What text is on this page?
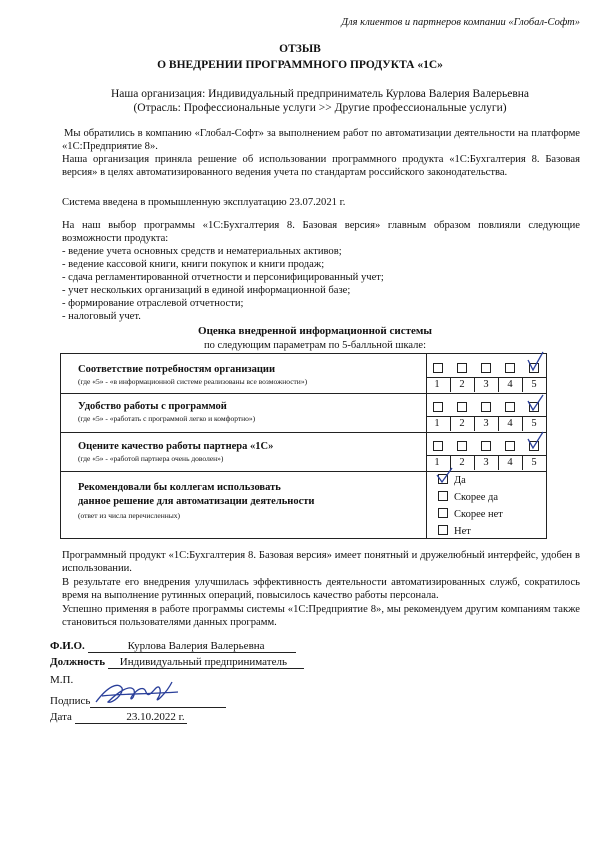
Для клиентов и партнеров компании «Глобал-Софт»
ОТЗЫВ
О ВНЕДРЕНИИ ПРОГРАММНОГО ПРОДУКТА «1С»
Наша организация: Индивидуальный предприниматель Курлова Валерия Валерьевна
(Отрасль: Профессиональные услуги >> Другие профессиональные услуги)
Мы обратились в компанию «Глобал-Софт» за выполнением работ по автоматизации деятельности на платформе «1С:Предприятие 8».
Наша организация приняла решение об использовании программного продукта «1С:Бухгалтерия 8. Базовая версия» в целях автоматизированного ведения учета по стандартам российского законодательства.
Система введена в промышленную эксплуатацию 23.07.2021 г.
На наш выбор программы «1С:Бухгалтерия 8. Базовая версия» главным образом повлияли следующие возможности продукта:
- ведение учета основных средств и нематериальных активов;
- ведение кассовой книги, книги покупок и книги продаж;
- сдача регламентированной отчетности и персонифицированный учет;
- учет нескольких организаций в единой информационной базе;
- формирование отраслевой отчетности;
- налоговый учет.
Оценка внедренной информационной системы
по следующим параметрам по 5-балльной шкале:
Соответствие потребностям организации
(где «5» - «в информационной системе реализованы все возможности»)	1	2	3	4	5
Удобство работы с программой
(где «5» - «работать с программой легко и комфортно»)	1	2	3	4	5
Оцените качество работы партнера «1С»
(где «5» - «работой партнера очень доволен»)	1	2	3	4	5
Рекомендовали бы коллегам использовать
данное решение для автоматизации деятельности
(ответ из числа перечисленных)
Да
Скорее да
Скорее нет
Нет
Программный продукт «1С:Бухгалтерия 8. Базовая версия» имеет понятный и дружелюбный интерфейс, удобен в использовании.
В результате его внедрения улучшилась эффективность деятельности автоматизированных служб, сократилось время на выполнение рутинных операций, повысилось качество работы персонала.
Успешно применяя в работе программы системы «1С:Предприятие 8», мы рекомендуем другим компаниям также становиться пользователями данных программ.
Ф.И.О.	Курлова Валерия Валерьевна
Должность Индивидуальный предприниматель
М.П.
Подпись
Дата	23.10.2022 г.
